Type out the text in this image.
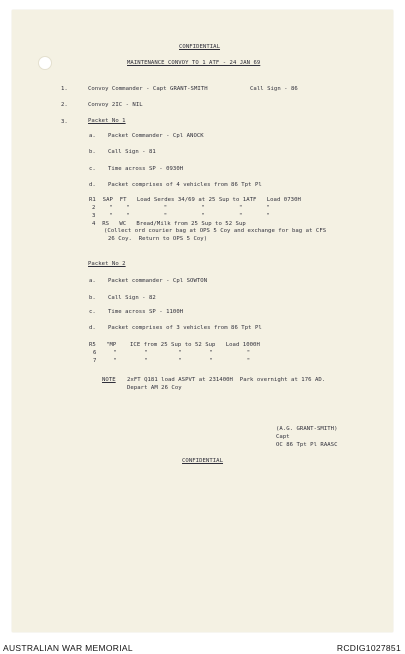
CONFIDENTIAL
MAINTENANCE CONVOY TO 1 ATF - 24 JAN 69
1.	Convoy Commander - Capt GRANT-SMITH	Call Sign - 86
2.	Convoy 2IC - NIL
3.	Packet No 1
a. Packet Commander - Cpl ANOCK
b. Call Sign - 81
c. Time across SP - 0930H
d. Packet comprises of 4 vehicles from 86 Tpt Pl
R1  SAP  FT   Load Serdes 34/69 at 25 Sup to 1ATF   Load 0730H
2    "    "          "          "          "       "
3    "    "          "          "          "       "
4  RS   WC   Bread/Milk from 25 Sup to 52 Sup
(Collect ord courier bag at OPS 5 Coy and exchange for bag at CFS
26 Coy.  Return to OPS 5 Coy)
Packet No 2
a. Packet commander - Cpl SOWTON
b. Call Sign - 82
c. Time across SP - 1100H
d. Packet comprises of 3 vehicles from 86 Tpt Pl
R5   "MP    ICE from 25 Sup to 52 Sup   Load 1000H
6     "        "         "        "          "
7     "        "         "        "          "
NOTE 2xFT Q181 load ASPVT at 231400H  Park overnight at 176 AD.
Depart AM 26 Coy
(A.G. GRANT-SMITH)
Capt
OC 86 Tpt Pl RAASC
CONFIDENTIAL
AUSTRALIAN WAR MEMORIAL	RCDIG1027851
